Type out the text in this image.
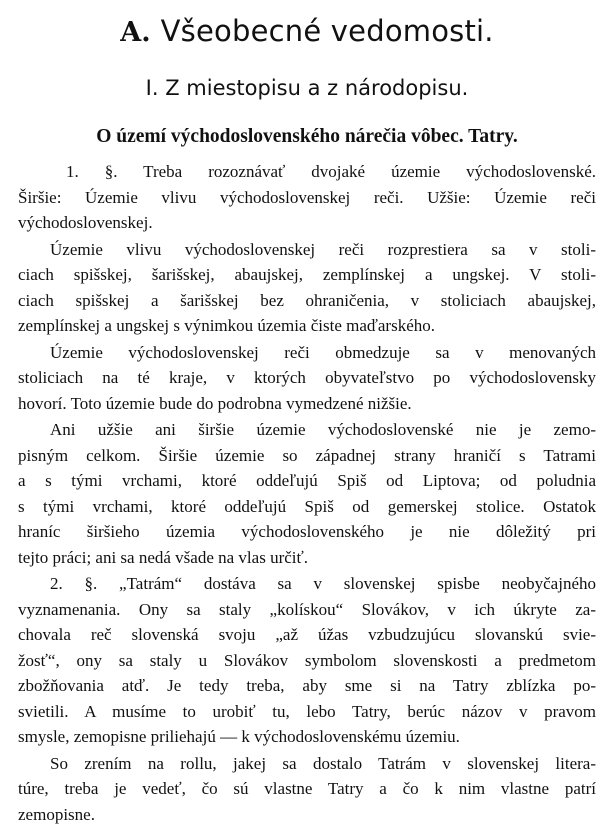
A. Všeobecné vedomosti.
I. Z miestopisu a z národopisu.
O území východoslovenského nárečia vôbec. Tatry.
1. §. Treba rozoznávať dvojaké územie východoslovenské.
Širšie: Územie vlivu východoslovenskej reči. Užšie: Územie reči
východoslovenskej.
Územie vlivu východoslovenskej reči rozprestiera sa v stoli-
ciach spišskej, šarišskej, abaujskej, zemplínskej a ungskej. V stoli-
ciach spišskej a šarišskej bez ohraničenia, v stoliciach abaujskej,
zemplínskej a ungskej s výnimkou územia čiste maďarského.
Územie východoslovenskej reči obmedzuje sa v menovaných
stoliciach na té kraje, v ktorých obyvateľstvo po východoslovensky
hovorí. Toto územie bude do podrobna vymedzené nižšie.
Ani užšie ani širšie územie východoslovenské nie je zemo-
pisným celkom. Širšie územie so západnej strany hraničí s Tatrami
a s tými vrchami, ktoré oddeľujú Spiš od Liptova; od poludnia
s tými vrchami, ktoré oddeľujú Spiš od gemerskej stolice. Ostatok
hraníc širšieho územia východoslovenského je nie dôležitý pri
tejto práci; ani sa nedá všade na vlas určiť.
2. §. „Tatrám“ dostáva sa v slovenskej spisbe neobyčajného
vyznamenania. Ony sa staly „kolískou“ Slovákov, v ich úkryte za-
chovala reč slovenská svoju „až úžas vzbudzujúcu slovanskú svie-
žosť“, ony sa staly u Slovákov symbolom slovenskosti a predmetom
zbožňovania atď. Je tedy treba, aby sme si na Tatry zblízka po-
svietili. A musíme to urobiť tu, lebo Tatry, berúc názov v pravom
smysle, zemopisne priliehajú — k východoslovenskému územiu.
So zrením na rollu, jakej sa dostalo Tatrám v slovenskej litera-
túre, treba je vedeť, čo sú vlastne Tatry a čo k nim vlastne patrí
zemopisne.
